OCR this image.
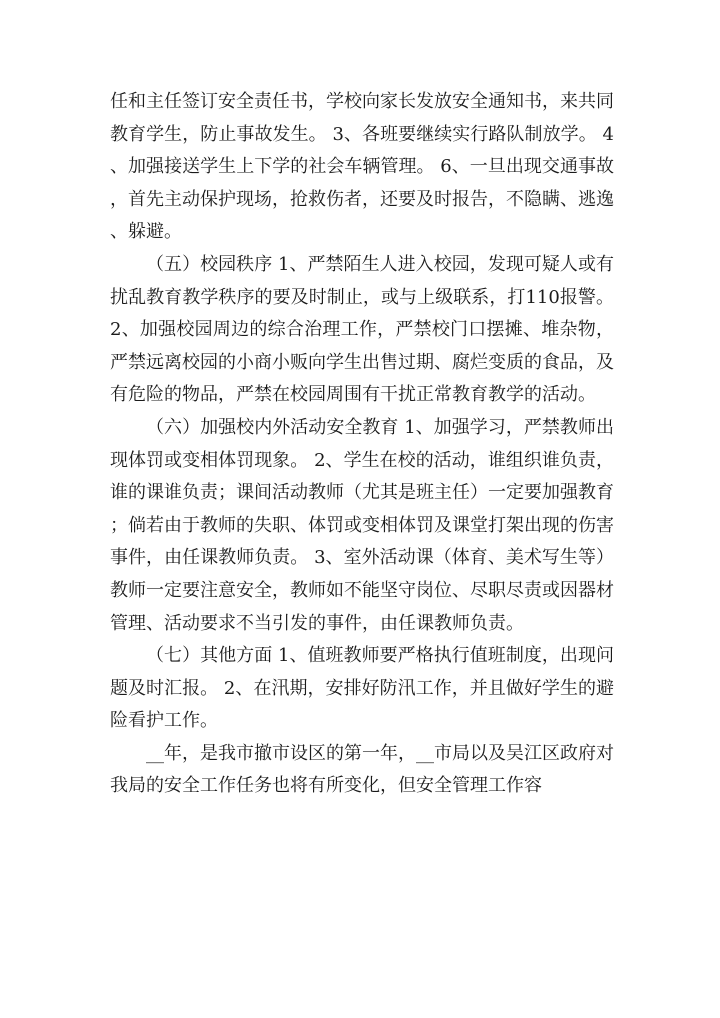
任和主任签订安全责任书，学校向家长发放安全通知书，来共同教育学生，防止事故发生。 3、各班要继续实行路队制放学。 4、加强接送学生上下学的社会车辆管理。 6、一旦出现交通事故，首先主动保护现场，抢救伤者，还要及时报告，不隐瞒、逃逸、躲避。

（五）校园秩序 1、严禁陌生人进入校园，发现可疑人或有扰乱教育教学秩序的要及时制止，或与上级联系，打110报警。 2、加强校园周边的综合治理工作，严禁校门口摆摊、堆杂物，严禁远离校园的小商小贩向学生出售过期、腐烂变质的食品，及有危险的物品，严禁在校园周围有干扰正常教育教学的活动。

（六）加强校内外活动安全教育 1、加强学习，严禁教师出现体罚或变相体罚现象。 2、学生在校的活动，谁组织谁负责，谁的课谁负责；课间活动教师（尤其是班主任）一定要加强教育；倘若由于教师的失职、体罚或变相体罚及课堂打架出现的伤害事件，由任课教师负责。 3、室外活动课（体育、美术写生等）教师一定要注意安全，教师如不能坚守岗位、尽职尽责或因器材管理、活动要求不当引发的事件，由任课教师负责。

（七）其他方面 1、值班教师要严格执行值班制度，出现问题及时汇报。 2、在汛期，安排好防汛工作，并且做好学生的避险看护工作。

__年，是我市撤市设区的第一年，__市局以及吴江区政府对我局的安全工作任务也将有所变化，但安全管理工作容
